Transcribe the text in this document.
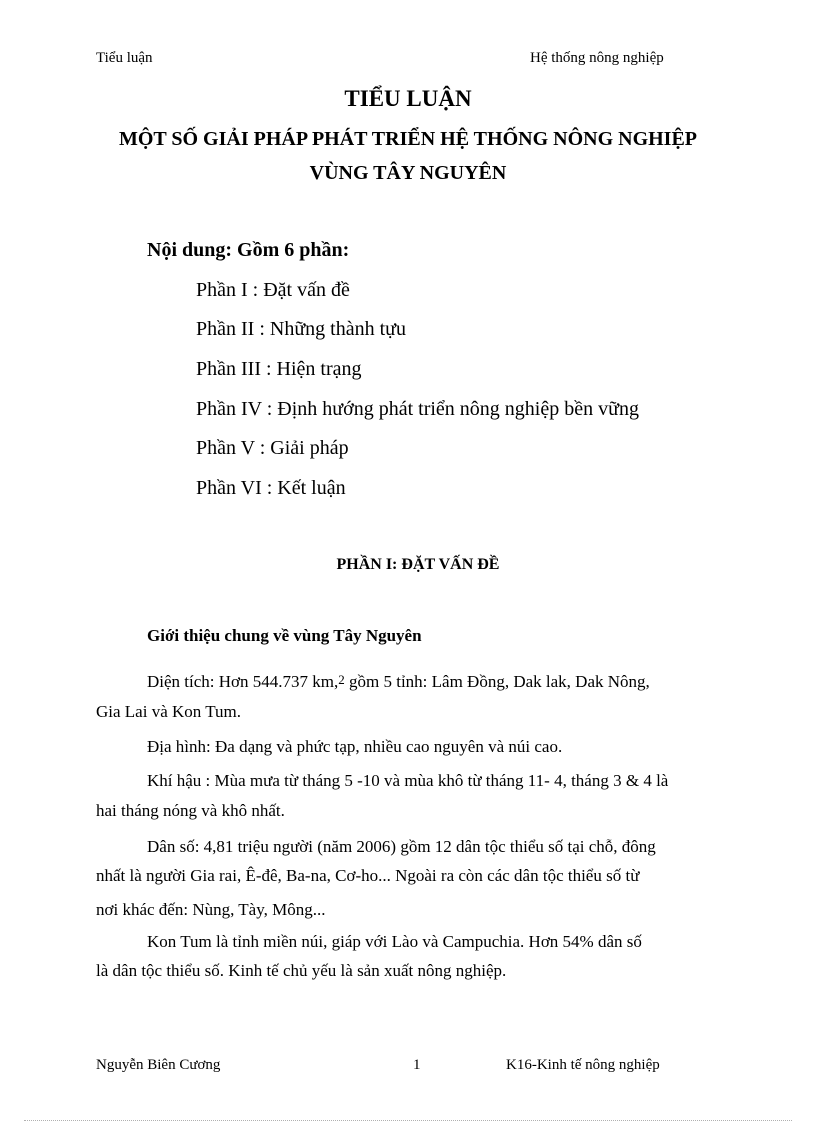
Tiểu luận	Hệ thống nông nghiệp
TIỂU LUẬN
MỘT SỐ GIẢI PHÁP PHÁT TRIỂN HỆ THỐNG NÔNG NGHIỆP
VÙNG TÂY NGUYÊN
Nội dung: Gồm 6 phần:
Phần I : Đặt vấn đề
Phần II : Những thành tựu
Phần III : Hiện trạng
Phần IV : Định hướng phát triển nông nghiệp bền vững
Phần V : Giải pháp
Phần VI : Kết luận
PHẦN I: ĐẶT VẤN ĐỀ
Giới thiệu chung về vùng Tây Nguyên
Diện tích: Hơn 544.737 km,$^2$ gồm 5 tỉnh: Lâm Đồng, Dak lak, Dak Nông,
Gia Lai và Kon Tum.
Địa hình: Đa dạng và phức tạp, nhiều cao nguyên và núi cao.
Khí hậu : Mùa mưa từ tháng 5 -10 và mùa khô từ tháng 11- 4, tháng 3 & 4 là
hai tháng nóng và khô nhất.
Dân số: 4,81 triệu người (năm 2006) gồm 12 dân tộc thiểu số tại chỗ, đông
nhất là người Gia rai, Ê-đê, Ba-na, Cơ-ho... Ngoài ra còn các dân tộc thiểu số từ
nơi khác đến: Nùng, Tày, Mông...
Kon Tum là tỉnh miền núi, giáp với Lào và Campuchia. Hơn 54% dân số
là dân tộc thiểu số. Kinh tế chủ yếu là sản xuất nông nghiệp.
Nguyễn Biên Cương	1	K16-Kinh tế nông nghiệp
